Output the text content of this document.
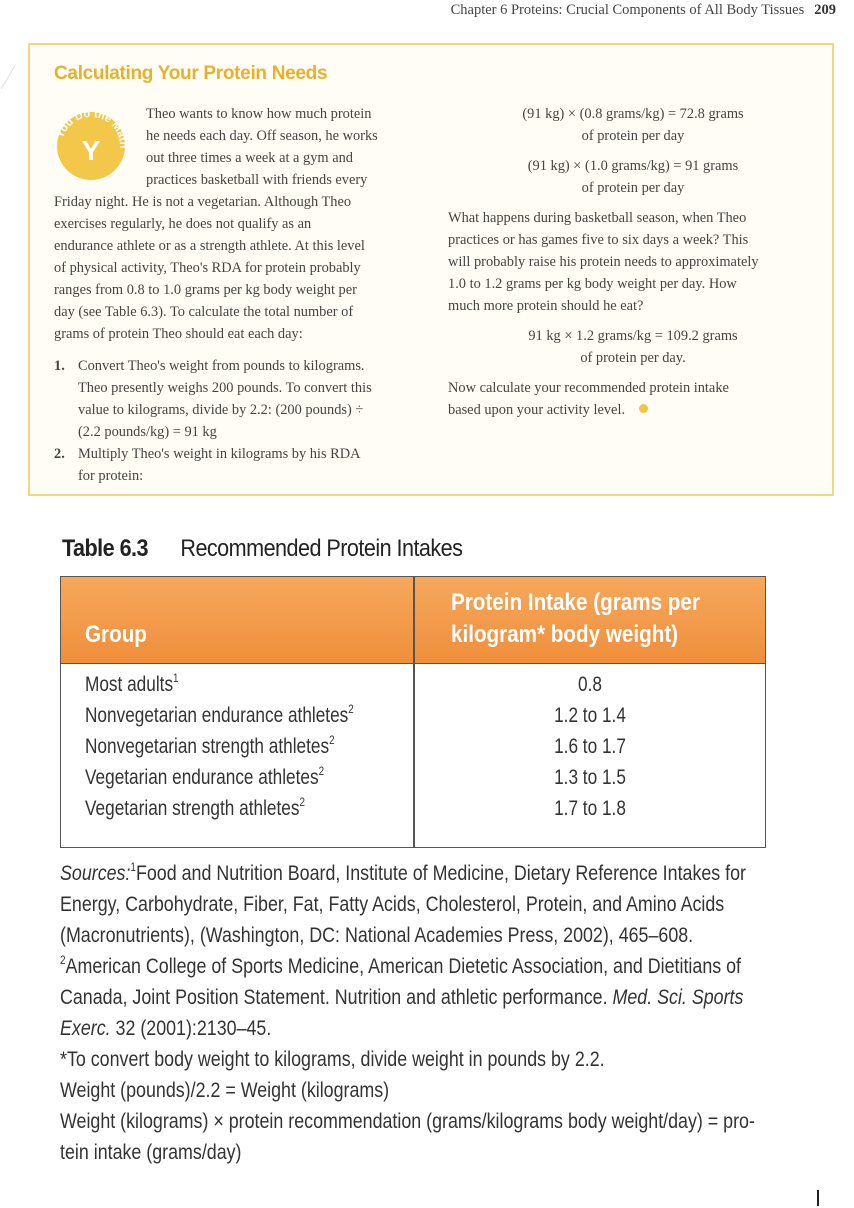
Chapter 6 Proteins: Crucial Components of All Body Tissues 209
Calculating Your Protein Needs
You Do the Math
Y

Theo wants to know how much protein
he needs each day. Off season, he works
out three times a week at a gym and
practices basketball with friends every
Friday night. He is not a vegetarian. Although Theo
exercises regularly, he does not qualify as an
endurance athlete or as a strength athlete. At this level
of physical activity, Theo's RDA for protein probably
ranges from 0.8 to 1.0 grams per kg body weight per
day (see Table 6.3). To calculate the total number of
grams of protein Theo should eat each day:

1. Convert Theo's weight from pounds to kilograms.
Theo presently weighs 200 pounds. To convert this
value to kilograms, divide by 2.2: (200 pounds) ÷
(2.2 pounds/kg) = 91 kg
2. Multiply Theo's weight in kilograms by his RDA
for protein:
(91 kg) × (0.8 grams/kg) = 72.8 grams
of protein per day
(91 kg) × (1.0 grams/kg) = 91 grams
of protein per day

What happens during basketball season, when Theo
practices or has games five to six days a week? This
will probably raise his protein needs to approximately
1.0 to 1.2 grams per kg body weight per day. How
much more protein should he eat?

91 kg × 1.2 grams/kg = 109.2 grams
of protein per day.

Now calculate your recommended protein intake
based upon your activity level.

Table 6.3 Recommended Protein Intakes
Group
Protein Intake (grams per
kilogram* body weight)
Most adults$^1$	0.8
Nonvegetarian endurance athletes$^2$	1.2 to 1.4
Nonvegetarian strength athletes$^2$	1.6 to 1.7
Vegetarian endurance athletes$^2$	1.3 to 1.5
Vegetarian strength athletes$^2$	1.7 to 1.8
Sources:$^1$Food and Nutrition Board, Institute of Medicine, Dietary Reference Intakes for
Energy, Carbohydrate, Fiber, Fat, Fatty Acids, Cholesterol, Protein, and Amino Acids
(Macronutrients), (Washington, DC: National Academies Press, 2002), 465–608.
$^2$American College of Sports Medicine, American Dietetic Association, and Dietitians of
Canada, Joint Position Statement. Nutrition and athletic performance. Med. Sci. Sports
Exerc. 32 (2001):2130–45.
*To convert body weight to kilograms, divide weight in pounds by 2.2.
Weight (pounds)/2.2 = Weight (kilograms)
Weight (kilograms) × protein recommendation (grams/kilograms body weight/day) = pro-
tein intake (grams/day)
